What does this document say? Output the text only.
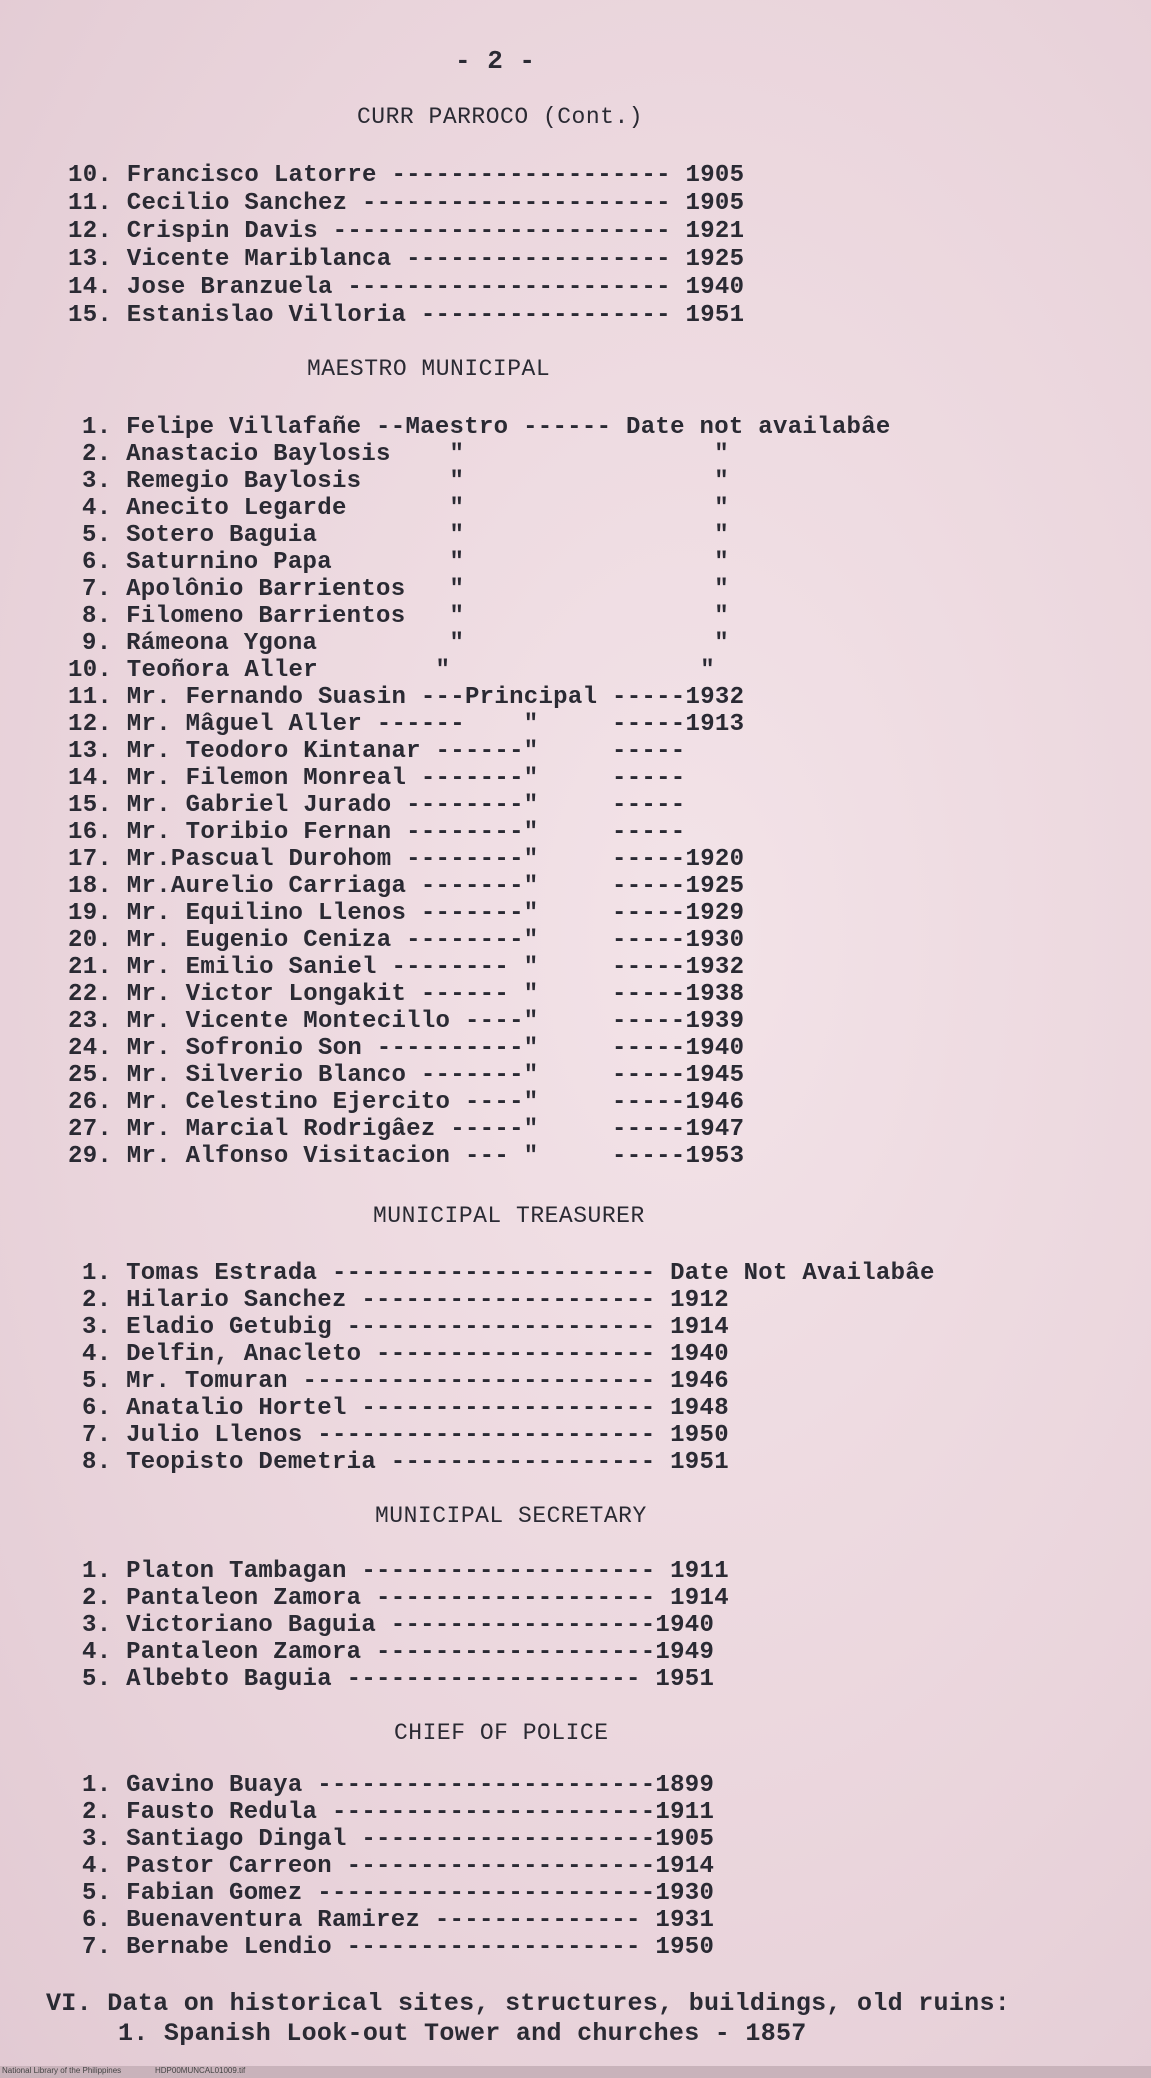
- 2 -
CURR PARROCO (Cont.)
10. Francisco Latorre ------------------- 1905
11. Cecilio Sanchez --------------------- 1905
12. Crispin Davis ----------------------- 1921
13. Vicente Mariblanca ------------------ 1925
14. Jose Branzuela ---------------------- 1940
15. Estanislao Villoria ----------------- 1951
MAESTRO MUNICIPAL
1. Felipe Villafañe --Maestro ------ Date not availabâe
2. Anastacio Baylosis    "                 "
3. Remegio Baylosis      "                 "
4. Anecito Legarde       "                 "
5. Sotero Baguia         "                 "
6. Saturnino Papa        "                 "
7. Apolônio Barrientos   "                 "
8. Filomeno Barrientos   "                 "
9. Rámeona Ygona         "                 "
10. Teoñora Aller        "                 "
11. Mr. Fernando Suasin ---Principal -----1932
12. Mr. Mâguel Aller ------    "     -----1913
13. Mr. Teodoro Kintanar ------"     -----
14. Mr. Filemon Monreal -------"     -----
15. Mr. Gabriel Jurado --------"     -----
16. Mr. Toribio Fernan --------"     -----
17. Mr.Pascual Durohom --------"     -----1920
18. Mr.Aurelio Carriaga -------"     -----1925
19. Mr. Equilino Llenos -------"     -----1929
20. Mr. Eugenio Ceniza --------"     -----1930
21. Mr. Emilio Saniel -------- "     -----1932
22. Mr. Victor Longakit ------ "     -----1938
23. Mr. Vicente Montecillo ----"     -----1939
24. Mr. Sofronio Son ----------"     -----1940
25. Mr. Silverio Blanco -------"     -----1945
26. Mr. Celestino Ejercito ----"     -----1946
27. Mr. Marcial Rodrigâez -----"     -----1947
29. Mr. Alfonso Visitacion --- "     -----1953
MUNICIPAL TREASURER
1. Tomas Estrada ---------------------- Date Not Availabâe
2. Hilario Sanchez -------------------- 1912
3. Eladio Getubig --------------------- 1914
4. Delfin, Anacleto ------------------- 1940
5. Mr. Tomuran ------------------------ 1946
6. Anatalio Hortel -------------------- 1948
7. Julio Llenos ----------------------- 1950
8. Teopisto Demetria ------------------ 1951
MUNICIPAL SECRETARY
1. Platon Tambagan -------------------- 1911
2. Pantaleon Zamora ------------------- 1914
3. Victoriano Baguia ------------------1940
4. Pantaleon Zamora -------------------1949
5. Albebto Baguia -------------------- 1951
CHIEF OF POLICE
1. Gavino Buaya -----------------------1899
2. Fausto Redula ----------------------1911
3. Santiago Dingal --------------------1905
4. Pastor Carreon ---------------------1914
5. Fabian Gomez -----------------------1930
6. Buenaventura Ramirez -------------- 1931
7. Bernabe Lendio -------------------- 1950
VI. Data on historical sites, structures, buildings, old ruins:
1. Spanish Look-out Tower and churches - 1857
National Library of the Philippines	HDP00MUNCAL01009.tif
